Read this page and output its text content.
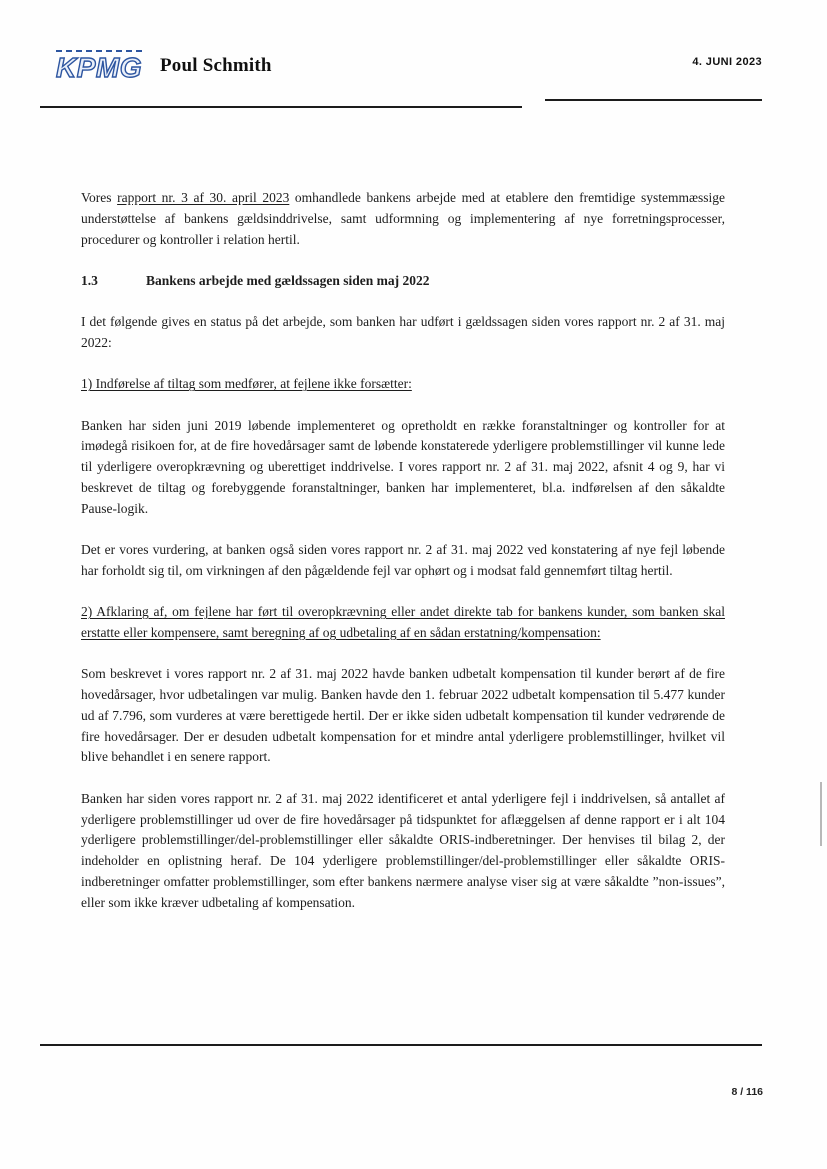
KPMG Poul Schmith	4. JUNI 2023

Vores rapport nr. 3 af 30. april 2023 omhandlede bankens arbejde med at etablere den fremtidige systemmæssige understøttelse af bankens gældsinddrivelse, samt udformning og implementering af nye forretningsprocesser, procedurer og kontroller i relation hertil.

1.3	Bankens arbejde med gældssagen siden maj 2022

I det følgende gives en status på det arbejde, som banken har udført i gældssagen siden vores rapport nr. 2 af 31. maj 2022:

1) Indførelse af tiltag som medfører, at fejlene ikke forsætter:

Banken har siden juni 2019 løbende implementeret og opretholdt en række foranstaltninger og kontroller for at imødegå risikoen for, at de fire hovedårsager samt de løbende konstaterede yderligere problemstillinger vil kunne lede til yderligere overopkrævning og uberettiget inddrivelse. I vores rapport nr. 2 af 31. maj 2022, afsnit 4 og 9, har vi beskrevet de tiltag og forebyggende foranstaltninger, banken har implementeret, bl.a. indførelsen af den såkaldte Pause-logik.

Det er vores vurdering, at banken også siden vores rapport nr. 2 af 31. maj 2022 ved konstatering af nye fejl løbende har forholdt sig til, om virkningen af den pågældende fejl var ophørt og i modsat fald gennemført tiltag hertil.

2) Afklaring af, om fejlene har ført til overopkrævning eller andet direkte tab for bankens kunder, som banken skal erstatte eller kompensere, samt beregning af og udbetaling af en sådan erstatning/kompensation:

Som beskrevet i vores rapport nr. 2 af 31. maj 2022 havde banken udbetalt kompensation til kunder berørt af de fire hovedårsager, hvor udbetalingen var mulig. Banken havde den 1. februar 2022 udbetalt kompensation til 5.477 kunder ud af 7.796, som vurderes at være berettigede hertil. Der er ikke siden udbetalt kompensation til kunder vedrørende de fire hovedårsager. Der er desuden udbetalt kompensation for et mindre antal yderligere problemstillinger, hvilket vil blive behandlet i en senere rapport.

Banken har siden vores rapport nr. 2 af 31. maj 2022 identificeret et antal yderligere fejl i inddrivelsen, så antallet af yderligere problemstillinger ud over de fire hovedårsager på tidspunktet for aflæggelsen af denne rapport er i alt 104 yderligere problemstillinger/del-problemstillinger eller såkaldte ORIS-indberetninger. Der henvises til bilag 2, der indeholder en oplistning heraf. De 104 yderligere problemstillinger/del-problemstillinger eller såkaldte ORIS-indberetninger omfatter problemstillinger, som efter bankens nærmere analyse viser sig at være såkaldte ”non-issues”, eller som ikke kræver udbetaling af kompensation.

8 / 116
